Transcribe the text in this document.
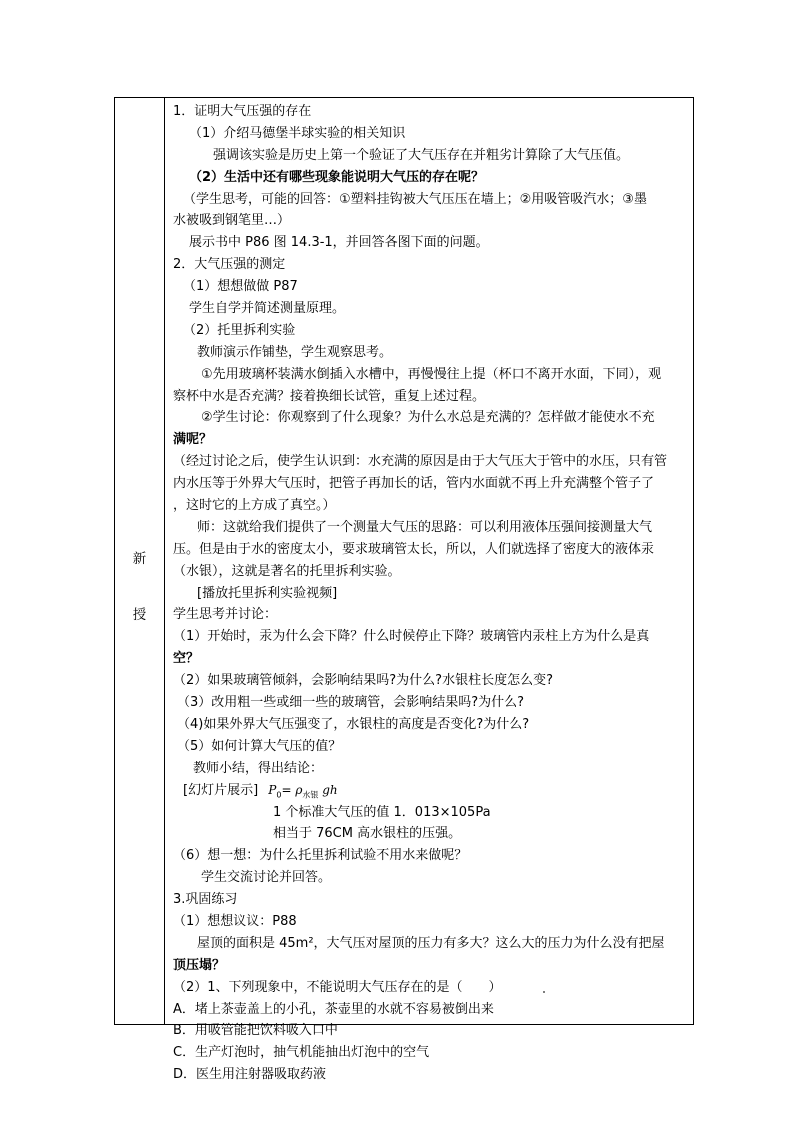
新
授
1．证明大气压强的存在
（1）介绍马德堡半球实验的相关知识
强调该实验是历史上第一个验证了大气压存在并粗劣计算除了大气压值。
（2）生活中还有哪些现象能说明大气压的存在呢？
（学生思考，可能的回答：①塑料挂钩被大气压压在墙上；②用吸管吸汽水；③墨
水被吸到钢笔里…）
展示书中 P86 图 14.3-1，并回答各图下面的问题。
2．大气压强的测定
（1）想想做做 P87
学生自学并简述测量原理。
（2）托里拆利实验
教师演示作铺垫，学生观察思考。
①先用玻璃杯装满水倒插入水槽中，再慢慢往上提（杯口不离开水面，下同），观
察杯中水是否充满？接着换细长试管，重复上述过程。
②学生讨论：你观察到了什么现象？为什么水总是充满的？怎样做才能使水不充
满呢？
（经过讨论之后，使学生认识到：水充满的原因是由于大气压大于管中的水压，只有管
内水压等于外界大气压时，把管子再加长的话，管内水面就不再上升充满整个管子了
，这时它的上方成了真空。）
师：这就给我们提供了一个测量大气压的思路：可以利用液体压强间接测量大气
压。但是由于水的密度太小，要求玻璃管太长，所以，人们就选择了密度大的液体汞
（水银），这就是著名的托里拆利实验。
[播放托里拆利实验视频]
学生思考并讨论：
（1）开始时，汞为什么会下降？什么时候停止下降？玻璃管内汞柱上方为什么是真
空？
（2）如果玻璃管倾斜，会影响结果吗?为什么?水银柱长度怎么变?
（3）改用粗一些或细一些的玻璃管，会影响结果吗?为什么?
（4)如果外界大气压强变了，水银柱的高度是否变化?为什么?
（5）如何计算大气压的值？
教师小结，得出结论：
[幻灯片展示] $P_0= \rho_{水银}$ gh
1 个标准大气压的值 1．013×105Pa
相当于 76CM 高水银柱的压强。
（6）想一想：为什么托里拆利试验不用水来做呢？
学生交流讨论并回答。
3.巩固练习
（1）想想议议：P88
屋顶的面积是 45m²，大气压对屋顶的压力有多大？这么大的压力为什么没有把屋
顶压塌？
（2）1、下列现象中，不能说明大气压存在的是（　　）
A．堵上茶壶盖上的小孔，茶壶里的水就不容易被倒出来
B．用吸管能把饮料吸入口中
C．生产灯泡时，抽气机能抽出灯泡中的空气
D．医生用注射器吸取药液
